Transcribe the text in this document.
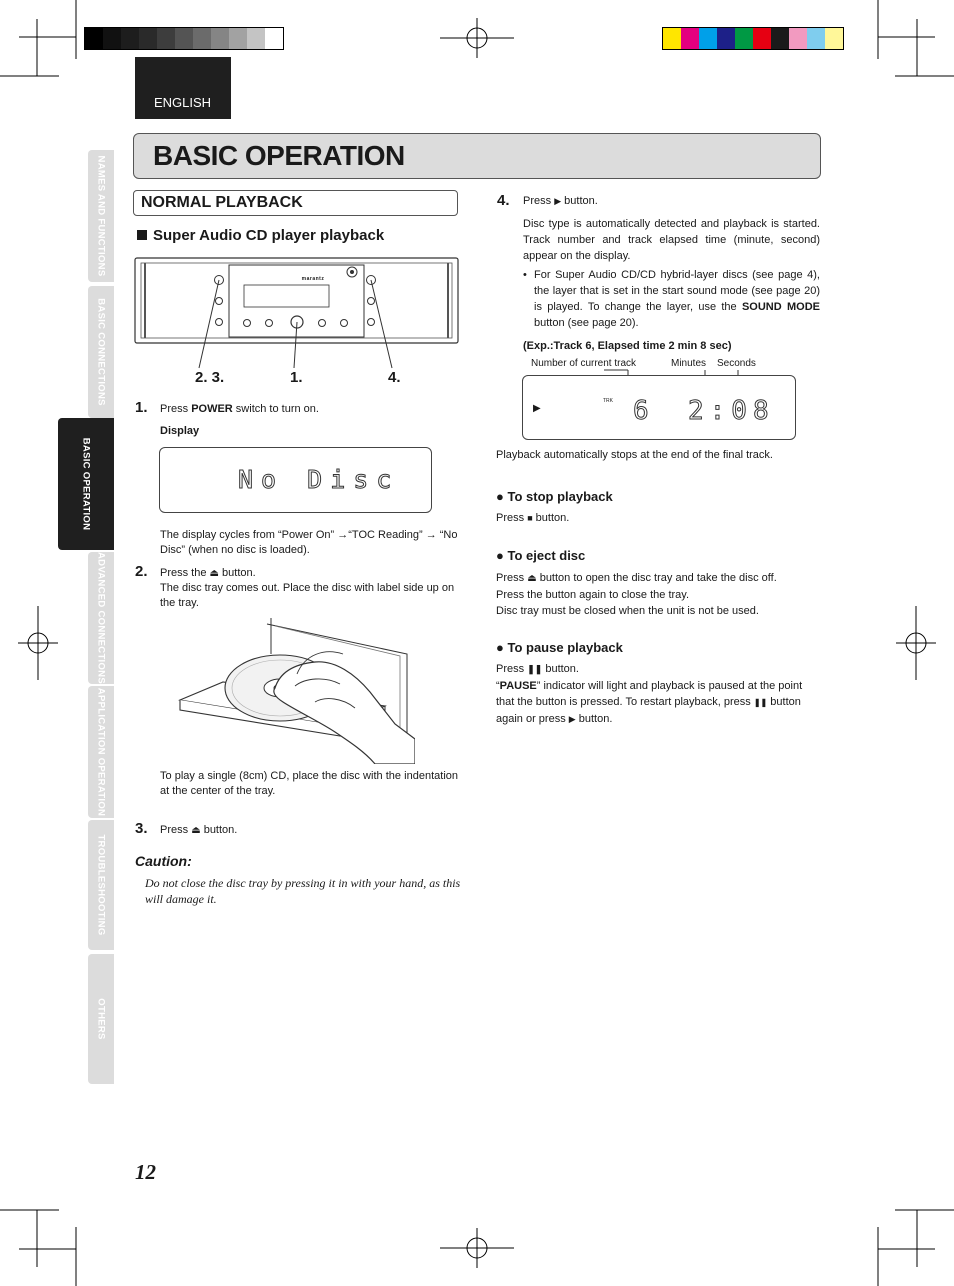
ENGLISH
BASIC OPERATION
NAMES AND FUNCTIONS
BASIC CONNECTIONS
BASIC OPERATION
ADVANCED CONNECTIONS
APPLICATION OPERATION
TROUBLESHOOTING
OTHERS
NORMAL PLAYBACK
Super Audio CD player playback
marantz
2. 3.	1.	4.
1. Press POWER switch to turn on.
Display
No Disc
The display cycles from “Power On” →“TOC Reading” → “No Disc” (when no disc is loaded).
2. Press the ⏏ button.
The disc tray comes out. Place the disc with label side up on the tray.
To play a single (8cm) CD, place the disc with the indentation at the center of the tray.
3. Press ⏏ button.
Caution:
Do not close the disc tray by pressing it in with your hand, as this will damage it.
4. Press ▶ button.
Disc type is automatically detected and playback is started. Track number and track elapsed time (minute, second) appear on the display.
• For Super Audio CD/CD hybrid-layer discs (see page 4), the layer that is set in the start sound mode (see page 20) is played. To change the layer, use the SOUND MODE button (see page 20).
(Exp.:Track 6, Elapsed time 2 min 8 sec)
Number of current track	Minutes Seconds
▶
TRK 6 2:08
Playback automatically stops at the end of the final track.
● To stop playback
Press ■ button.
● To eject disc
Press ⏏ button to open the disc tray and take the disc off.
Press the button again to close the tray.
Disc tray must be closed when the unit is not be used.
● To pause playback
Press ❚❚ button.
“PAUSE” indicator will light and playback is paused at the point that the button is pressed. To restart playback, press ❚❚ button again or press ▶ button.
12
